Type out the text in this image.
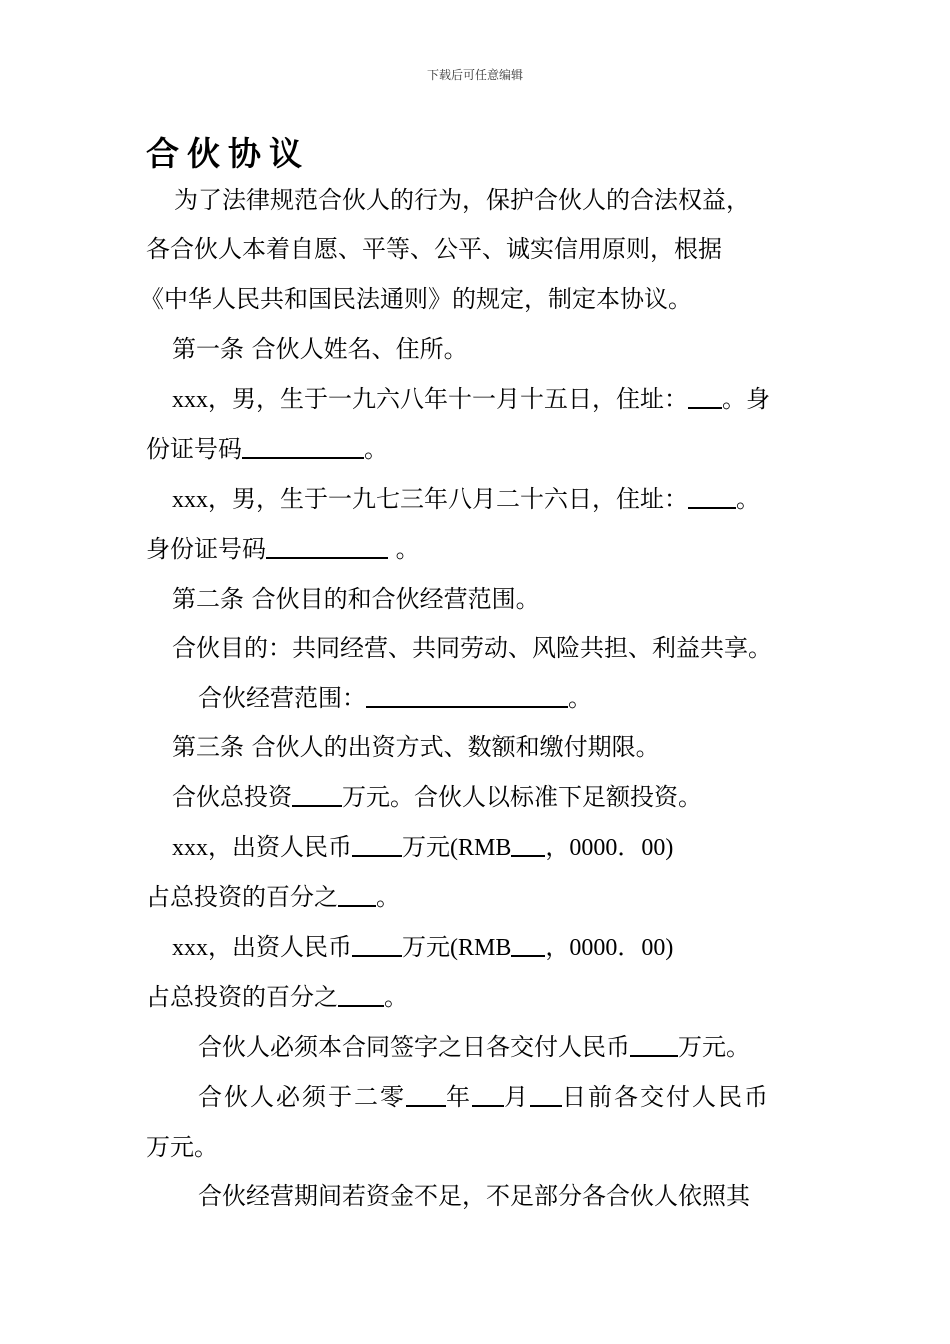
下载后可任意编辑
合伙协议
为了法律规范合伙人的行为，保护合伙人的合法权益，
各合伙人本着自愿、平等、公平、诚实信用原则，根据
《中华人民共和国民法通则》的规定，制定本协议。
第一条 合伙人姓名、住所。
xxx，男，生于一九六八年十一月十五日，住址： 。身
份证号码	。
xxx，男，生于一九七三年八月二十六日，住址： 。
身份证号码	。
第二条 合伙目的和合伙经营范围。
合伙目的：共同经营、共同劳动、风险共担、利益共享。
合伙经营范围：	。
第三条 合伙人的出资方式、数额和缴付期限。
合伙总投资 万元。合伙人以标准下足额投资。
xxx，出资人民币 万元(RMB ，0000．00)
占总投资的百分之 。
xxx，出资人民币 万元(RMB ，0000．00)
占总投资的百分之 。
合伙人必须本合同签字之日各交付人民币 万元。
合伙人必须于二零 年 月 日前各交付人民币
万元。
合伙经营期间若资金不足，不足部分各合伙人依照其
